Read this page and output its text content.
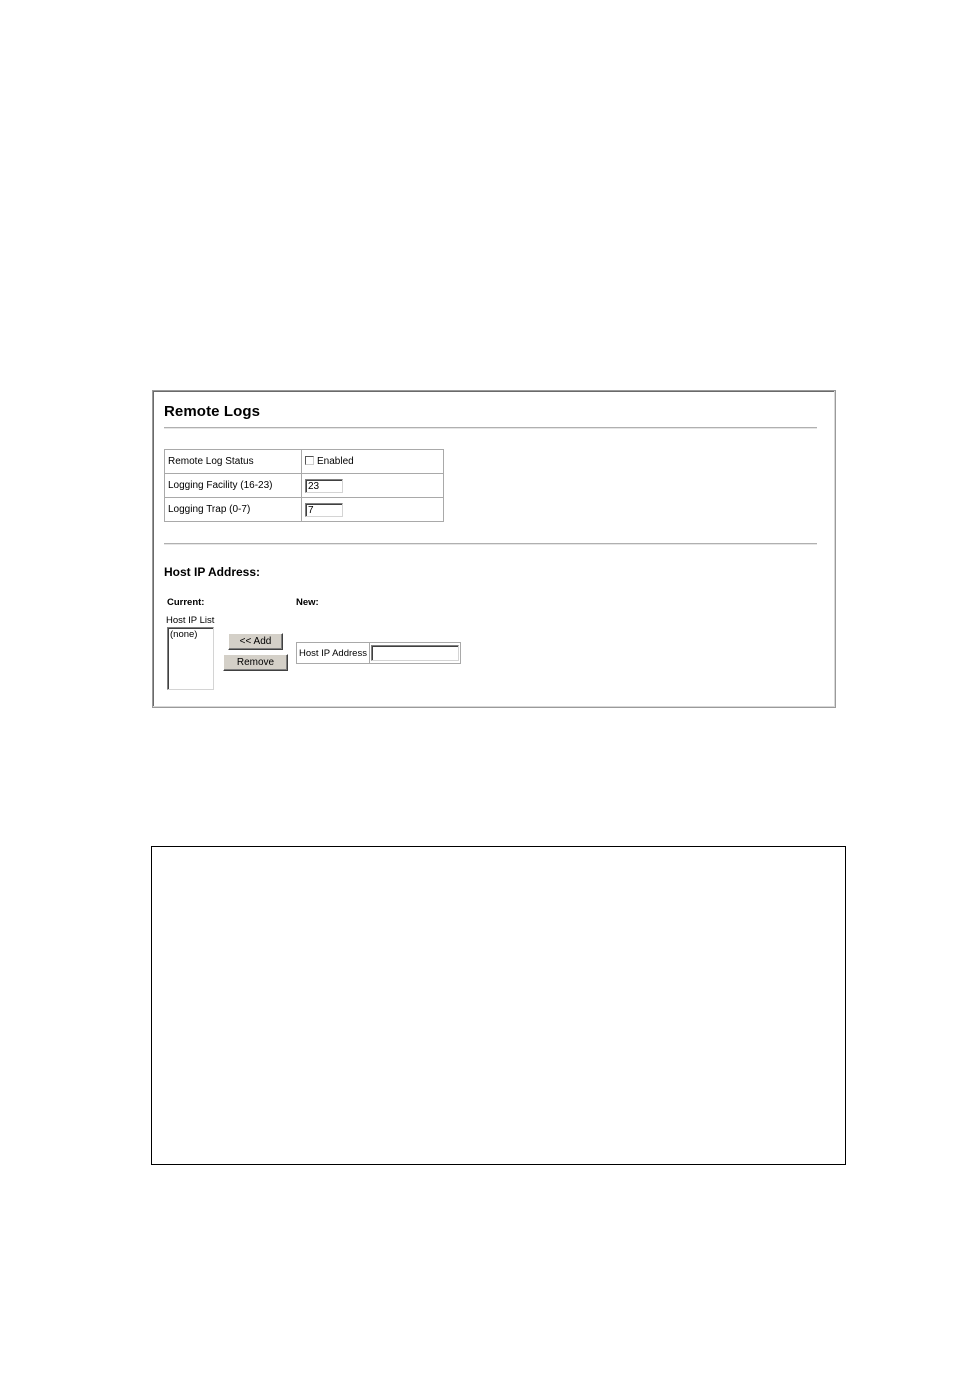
Remote Logs
Remote Log Status	Enabled
Logging Facility (16-23)	23
Logging Trap (0-7)	7
Host IP Address:
Current:	New:
Host IP List
(none)
<< Add
Remove
Host IP Address
